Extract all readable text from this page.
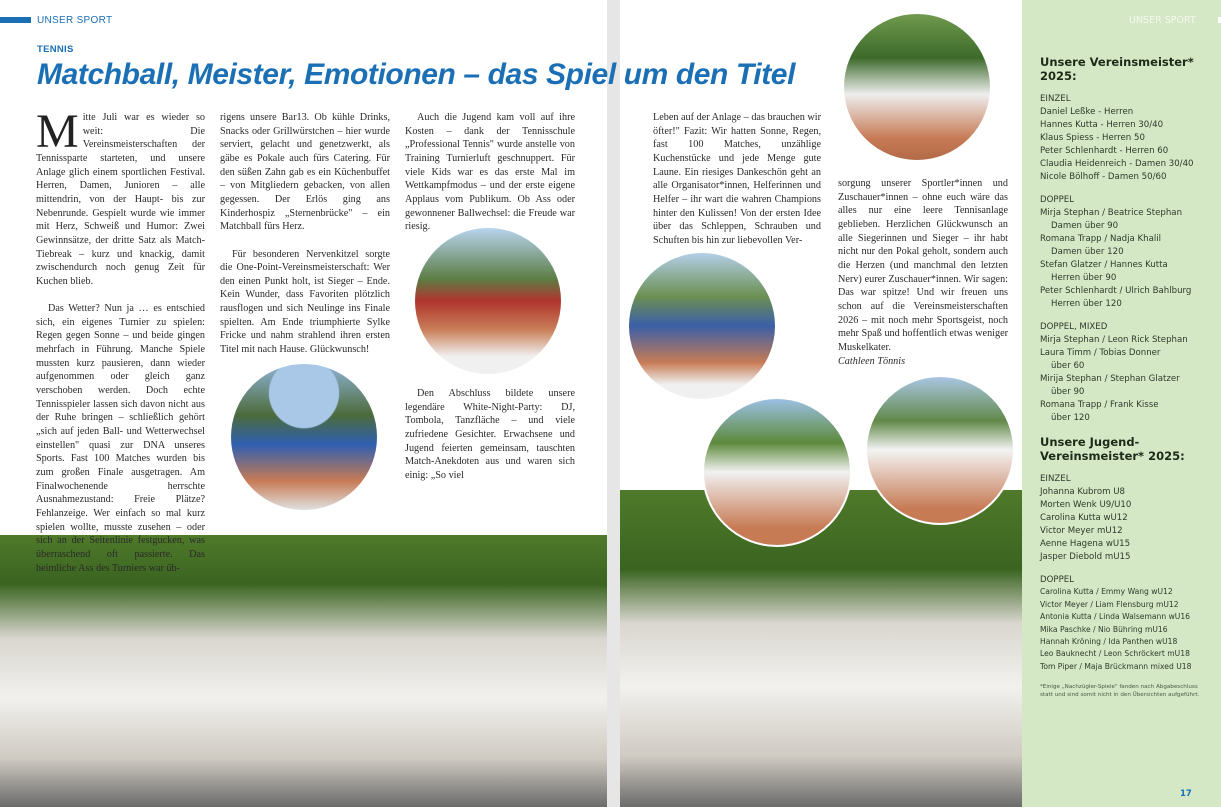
UNSER SPORT
TENNIS

Mitte Juli war es wieder so weit: Die Vereinsmeisterschaften der Tennissparte starteten, und unsere Anlage glich einem sportlichen Festival. Herren, Damen, Junioren – alle mittendrin, von der Haupt- bis zur Nebenrunde. Gespielt wurde wie immer mit Herz, Schweiß und Humor: Zwei Gewinnsätze, der dritte Satz als Match-Tiebreak – kurz und knackig, damit zwischendurch noch genug Zeit für Kuchen blieb.

Das Wetter? Nun ja … es entschied sich, ein eigenes Turnier zu spielen: Regen gegen Sonne – und beide gingen mehrfach in Führung. Manche Spiele mussten kurz pausieren, dann wieder aufgenommen oder gleich ganz verschoben werden. Doch echte Tennisspieler lassen sich davon nicht aus der Ruhe bringen – schließlich gehört „sich auf jeden Ball- und Wetterwechsel einstellen" quasi zur DNA unseres Sports. Fast 100 Matches wurden bis zum großen Finale ausgetragen. Am Finalwochenende herrschte Ausnahmezustand: Freie Plätze? Fehlanzeige. Wer einfach so mal kurz spielen wollte, musste zusehen – oder sich an der Seitenlinie festgucken, was überraschend oft passierte. Das heimliche Ass des Turniers war üb-

rigens unsere Bar13. Ob kühle Drinks, Snacks oder Grillwürstchen – hier wurde serviert, gelacht und genetzwerkt, als gäbe es Pokale auch fürs Catering. Für den süßen Zahn gab es ein Küchenbuffet – von Mitgliedern gebacken, von allen gegessen. Der Erlös ging ans Kinderhospiz „Sternenbrücke" – ein Matchball fürs Herz.

Für besonderen Nervenkitzel sorgte die One-Point-Vereinsmeisterschaft: Wer den einen Punkt holt, ist Sieger – Ende. Kein Wunder, dass Favoriten plötzlich rausflogen und sich Neulinge ins Finale spielten. Am Ende triumphierte Sylke Fricke und nahm strahlend ihren ersten Titel mit nach Hause. Glückwunsch!

Auch die Jugend kam voll auf ihre Kosten – dank der Tennisschule „Professional Tennis" wurde anstelle von Training Turnierluft geschnuppert. Für viele Kids war es das erste Mal im Wettkampfmodus – und der erste eigene Applaus vom Publikum. Ob Ass oder gewonnener Ballwechsel: die Freude war riesig.

Den Abschluss bildete unsere legendäre White-Night-Party: DJ, Tombola, Tanzfläche – und viele zufriedene Gesichter. Erwachsene und Jugend feierten gemeinsam, tauschten Match-Anekdoten aus und waren sich einig: „So viel

Matchball, Meister, Emotionen – das Spiel um den Titel

Leben auf der Anlage – das brauchen wir öfter!" Fazit: Wir hatten Sonne, Regen, fast 100 Matches, unzählige Kuchenstücke und jede Menge gute Laune. Ein riesiges Dankeschön geht an alle Organisator*innen, Helferinnen und Helfer – ihr wart die wahren Champions hinter den Kulissen! Von der ersten Idee über das Schleppen, Schrauben und Schuften bis hin zur liebevollen Ver-

sorgung unserer Sportler*innen und Zuschauer*innen – ohne euch wäre das alles nur eine leere Tennisanlage geblieben. Herzlichen Glückwunsch an alle Siegerinnen und Sieger – ihr habt nicht nur den Pokal geholt, sondern auch die Herzen (und manchmal den letzten Nerv) eurer Zuschauer*innen. Wir sagen: Das war spitze! Und wir freuen uns schon auf die Vereinsmeisterschaften 2026 – mit noch mehr Sportsgeist, noch mehr Spaß und hoffentlich etwas weniger Muskelkater.

Cathleen Tönnis
UNSER SPORT
Unsere Vereinsmeister* 2025:
EINZEL
Daniel Leßke - Herren
Hannes Kutta - Herren 30/40
Klaus Spiess - Herren 50
Peter Schlenhardt - Herren 60
Claudia Heidenreich - Damen 30/40
Nicole Bölhoff - Damen 50/60
DOPPEL
Mirja Stephan / Beatrice Stephan
Damen über 90
Romana Trapp / Nadja Khalil
Damen über 120
Stefan Glatzer / Hannes Kutta
Herren über 90
Peter Schlenhardt / Ulrich Bahlburg
Herren über 120
DOPPEL, MIXED
Mirja Stephan / Leon Rick Stephan
Laura Timm / Tobias Donner
über 60
Mirija Stephan / Stephan Glatzer
über 90
Romana Trapp / Frank Kisse
über 120
Unsere Jugend-Vereinsmeister* 2025:
EINZEL
Johanna Kubrom U8
Morten Wenk U9/U10
Carolina Kutta wU12
Victor Meyer mU12
Aenne Hagena wU15
Jasper Diebold mU15
DOPPEL
Carolina Kutta / Emmy Wang wU12
Victor Meyer / Liam Flensburg mU12
Antonia Kutta / Linda Walsemann wU16
Mika Paschke / Nio Bühring mU16
Hannah Kröning / Ida Panthen wU18
Leo Bauknecht / Leon Schröckert mU18
Tom Piper / Maja Brückmann mixed U18
*Einige „Nachzügler-Spiele" fanden nach Abgabeschluss statt und sind somit nicht in den Übersichten aufgeführt.
17
